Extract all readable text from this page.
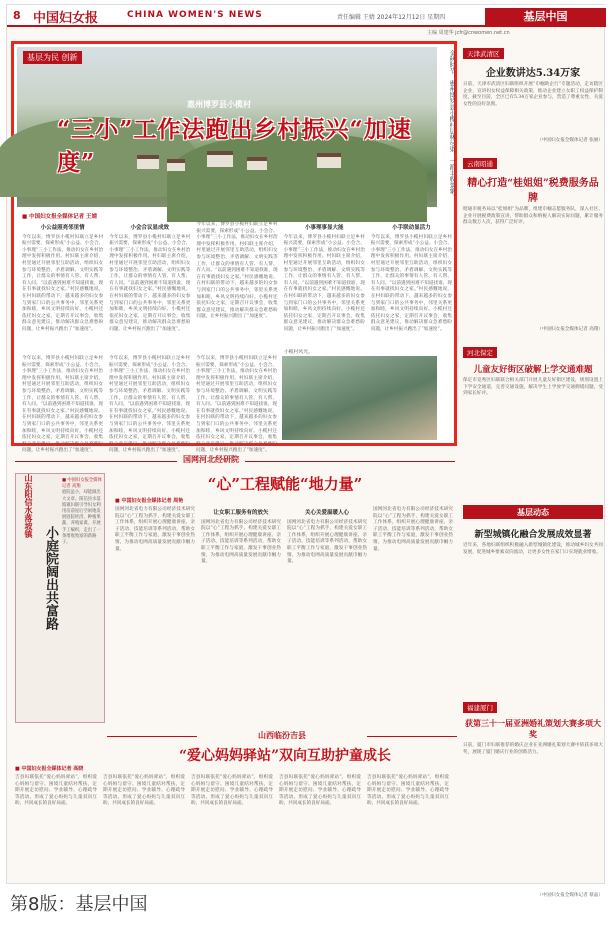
8 中国妇女报	CHINA WOMEN'S NEWS	责任编辑 王婧 2024年12月12日 星期四	基层中国
主编 周建华 jcfr@cnwomen.net.cn
基层为民 创新
惠州博罗县小榄村
“三小”工作法跑出乡村振兴“加速度”	金秋时节，惠州博罗县小榄村层林尽染，一派丰收景象。
■ 中国妇女报全媒体记者 王婧
小公益照亮邻里情
今年以来，博罗县小榄村妇联立足乡村振兴需要，探索形成“小公益、小会合、小事理”三小工作法，推动妇女在乡村治理中发挥积极作用。村妇联主席介绍，村里通过开展邻里互助活动，组织妇女参与环境整治、矛盾调解、文明实践等工作，让群众的事情有人管、有人帮、有人问。“以前遇到困难不知道找谁，现在有事就找妇女之家。”村民感慨地说。在村妇联的带动下，越来越多的妇女参与到家门口的公共事务中，邻里关系更加和睦，乡风文明持续向好。小榄村还依托妇女之家，定期召开议事会，收集群众意见建议，推动解决群众急难愁盼问题，让乡村振兴跑出了“加速度”。
小会合议显成效
今年以来，博罗县小榄村妇联立足乡村振兴需要，探索形成“小公益、小会合、小事理”三小工作法，推动妇女在乡村治理中发挥积极作用。村妇联主席介绍，村里通过开展邻里互助活动，组织妇女参与环境整治、矛盾调解、文明实践等工作，让群众的事情有人管、有人帮、有人问。“以前遇到困难不知道找谁，现在有事就找妇女之家。”村民感慨地说。在村妇联的带动下，越来越多的妇女参与到家门口的公共事务中，邻里关系更加和睦，乡风文明持续向好。小榄村还依托妇女之家，定期召开议事会，收集群众意见建议，推动解决群众急难愁盼问题，让乡村振兴跑出了“加速度”。
今年以来，博罗县小榄村妇联立足乡村振兴需要，探索形成“小公益、小会合、小事理”三小工作法，推动妇女在乡村治理中发挥积极作用。村妇联主席介绍，村里通过开展邻里互助活动，组织妇女参与环境整治、矛盾调解、文明实践等工作，让群众的事情有人管、有人帮、有人问。“以前遇到困难不知道找谁，现在有事就找妇女之家。”村民感慨地说。在村妇联的带动下，越来越多的妇女参与到家门口的公共事务中，邻里关系更加和睦，乡风文明持续向好。小榄村还依托妇女之家，定期召开议事会，收集群众意见建议，推动解决群众急难愁盼问题，让乡村振兴跑出了“加速度”。
小事理事显大能
今年以来，博罗县小榄村妇联立足乡村振兴需要，探索形成“小公益、小会合、小事理”三小工作法，推动妇女在乡村治理中发挥积极作用。村妇联主席介绍，村里通过开展邻里互助活动，组织妇女参与环境整治、矛盾调解、文明实践等工作，让群众的事情有人管、有人帮、有人问。“以前遇到困难不知道找谁，现在有事就找妇女之家。”村民感慨地说。在村妇联的带动下，越来越多的妇女参与到家门口的公共事务中，邻里关系更加和睦，乡风文明持续向好。小榄村还依托妇女之家，定期召开议事会，收集群众意见建议，推动解决群众急难愁盼问题，让乡村振兴跑出了“加速度”。
小手联动显活力
今年以来，博罗县小榄村妇联立足乡村振兴需要，探索形成“小公益、小会合、小事理”三小工作法，推动妇女在乡村治理中发挥积极作用。村妇联主席介绍，村里通过开展邻里互助活动，组织妇女参与环境整治、矛盾调解、文明实践等工作，让群众的事情有人管、有人帮、有人问。“以前遇到困难不知道找谁，现在有事就找妇女之家。”村民感慨地说。在村妇联的带动下，越来越多的妇女参与到家门口的公共事务中，邻里关系更加和睦，乡风文明持续向好。小榄村还依托妇女之家，定期召开议事会，收集群众意见建议，推动解决群众急难愁盼问题，让乡村振兴跑出了“加速度”。
今年以来，博罗县小榄村妇联立足乡村振兴需要，探索形成“小公益、小会合、小事理”三小工作法，推动妇女在乡村治理中发挥积极作用。村妇联主席介绍，村里通过开展邻里互助活动，组织妇女参与环境整治、矛盾调解、文明实践等工作，让群众的事情有人管、有人帮、有人问。“以前遇到困难不知道找谁，现在有事就找妇女之家。”村民感慨地说。在村妇联的带动下，越来越多的妇女参与到家门口的公共事务中，邻里关系更加和睦，乡风文明持续向好。小榄村还依托妇女之家，定期召开议事会，收集群众意见建议，推动解决群众急难愁盼问题，让乡村振兴跑出了“加速度”。
今年以来，博罗县小榄村妇联立足乡村振兴需要，探索形成“小公益、小会合、小事理”三小工作法，推动妇女在乡村治理中发挥积极作用。村妇联主席介绍，村里通过开展邻里互助活动，组织妇女参与环境整治、矛盾调解、文明实践等工作，让群众的事情有人管、有人帮、有人问。“以前遇到困难不知道找谁，现在有事就找妇女之家。”村民感慨地说。在村妇联的带动下，越来越多的妇女参与到家门口的公共事务中，邻里关系更加和睦，乡风文明持续向好。小榄村还依托妇女之家，定期召开议事会，收集群众意见建议，推动解决群众急难愁盼问题，让乡村振兴跑出了“加速度”。
今年以来，博罗县小榄村妇联立足乡村振兴需要，探索形成“小公益、小会合、小事理”三小工作法，推动妇女在乡村治理中发挥积极作用。村妇联主席介绍，村里通过开展邻里互助活动，组织妇女参与环境整治、矛盾调解、文明实践等工作，让群众的事情有人管、有人帮、有人问。“以前遇到困难不知道找谁，现在有事就找妇女之家。”村民感慨地说。在村妇联的带动下，越来越多的妇女参与到家门口的公共事务中，邻里关系更加和睦，乡风文明持续向好。小榄村还依托妇女之家，定期召开议事会，收集群众意见建议，推动解决群众急难愁盼问题，让乡村振兴跑出了“加速度”。
小榄村风光。
天津武清区
企业数讲达5.34万家
日前，天津市武清区妇联组织开展“巾帼助企行”专题活动，走访辖区企业，宣讲妇女权益保障相关政策，推动企业建立女职工权益保护制度，截至目前，全区已有5.34万家企业参与，营造了尊重女性、关爱女性的良好氛围。
（中国妇女报全媒体记者 张丽）
云南昭通
精心打造“桂姐姐”税费服务品牌
昭通市税务局以“桂姐姐”为品牌，组建巾帼志愿服务队，深入社区、企业开展税费政策宣讲，帮助群众和纳税人解决实际问题，累计服务群众数万人次，获得广泛好评。
（中国妇女报全媒体记者 高翔）
河北保定
儿童友好街区破解上学交通难题
保定市竞秀区妇联联合相关部门开展儿童友好街区建设，规划设置上下学安全通道，完善交通设施，解决学生上学放学交通拥堵问题，受到家长好评。
基层动态
新型城镇化融合发展成效显著
近年来，各地妇联组织积极融入新型城镇化建设，推动城乡妇女共同发展，促进城乡要素双向流动，让更多女性在家门口实现就业增收。
福建厦门
获第三十一届亚洲婚礼策划大赛多项大奖
日前，厦门市妇联推荐的婚庆企业在亚洲婚礼策划大赛中斩获多项大奖，展现了厦门婚庆行业的创新活力。
（中国妇女报全媒体记者 蔡晶）
国网河北经研院
山东阳信水落坡镇
小庭院阔出共富路
■ 中国妇女报全媒体记者 高翔
庭院虽小，却能做出大文章。阳信县水落坡镇妇联引导妇女利用房前屋后空闲地发展庭院经济，种植果蔬、养殖家禽、开展手工编织，走出了一条增收致富的新路子。
“心”工程赋能“地力量”
■ 中国妇女报全媒体记者 周艳
国网河北省电力有限公司经济技术研究院以“心”工程为抓手，构建关爱女职工工作体系，组织开展心理健康讲座、亲子活动、技能培训等系列活动，帮助女职工平衡工作与家庭，激发干事创业热情，为推动电网高质量发展贡献巾帼力量。
让女职工服务有的放矢
国网河北省电力有限公司经济技术研究院以“心”工程为抓手，构建关爱女职工工作体系，组织开展心理健康讲座、亲子活动、技能培训等系列活动，帮助女职工平衡工作与家庭，激发干事创业热情，为推动电网高质量发展贡献巾帼力量。
关心关爱温暖人心
国网河北省电力有限公司经济技术研究院以“心”工程为抓手，构建关爱女职工工作体系，组织开展心理健康讲座、亲子活动、技能培训等系列活动，帮助女职工平衡工作与家庭，激发干事创业热情，为推动电网高质量发展贡献巾帼力量。
国网河北省电力有限公司经济技术研究院以“心”工程为抓手，构建关爱女职工工作体系，组织开展心理健康讲座、亲子活动、技能培训等系列活动，帮助女职工平衡工作与家庭，激发干事创业热情，为推动电网高质量发展贡献巾帼力量。
山西临汾吉县
“爱心妈妈驿站”双向互助护童成长
■ 中国妇女报全媒体记者 高晓
吉县妇联依托“爱心妈妈驿站”，组织爱心妈妈与留守、困境儿童结对帮扶，定期开展走访慰问、学业辅导、心理疏导等活动，形成了爱心妈妈与儿童双向互助、共同成长的良好局面。
吉县妇联依托“爱心妈妈驿站”，组织爱心妈妈与留守、困境儿童结对帮扶，定期开展走访慰问、学业辅导、心理疏导等活动，形成了爱心妈妈与儿童双向互助、共同成长的良好局面。
吉县妇联依托“爱心妈妈驿站”，组织爱心妈妈与留守、困境儿童结对帮扶，定期开展走访慰问、学业辅导、心理疏导等活动，形成了爱心妈妈与儿童双向互助、共同成长的良好局面。
吉县妇联依托“爱心妈妈驿站”，组织爱心妈妈与留守、困境儿童结对帮扶，定期开展走访慰问、学业辅导、心理疏导等活动，形成了爱心妈妈与儿童双向互助、共同成长的良好局面。
吉县妇联依托“爱心妈妈驿站”，组织爱心妈妈与留守、困境儿童结对帮扶，定期开展走访慰问、学业辅导、心理疏导等活动，形成了爱心妈妈与儿童双向互助、共同成长的良好局面。
第8版：基层中国
